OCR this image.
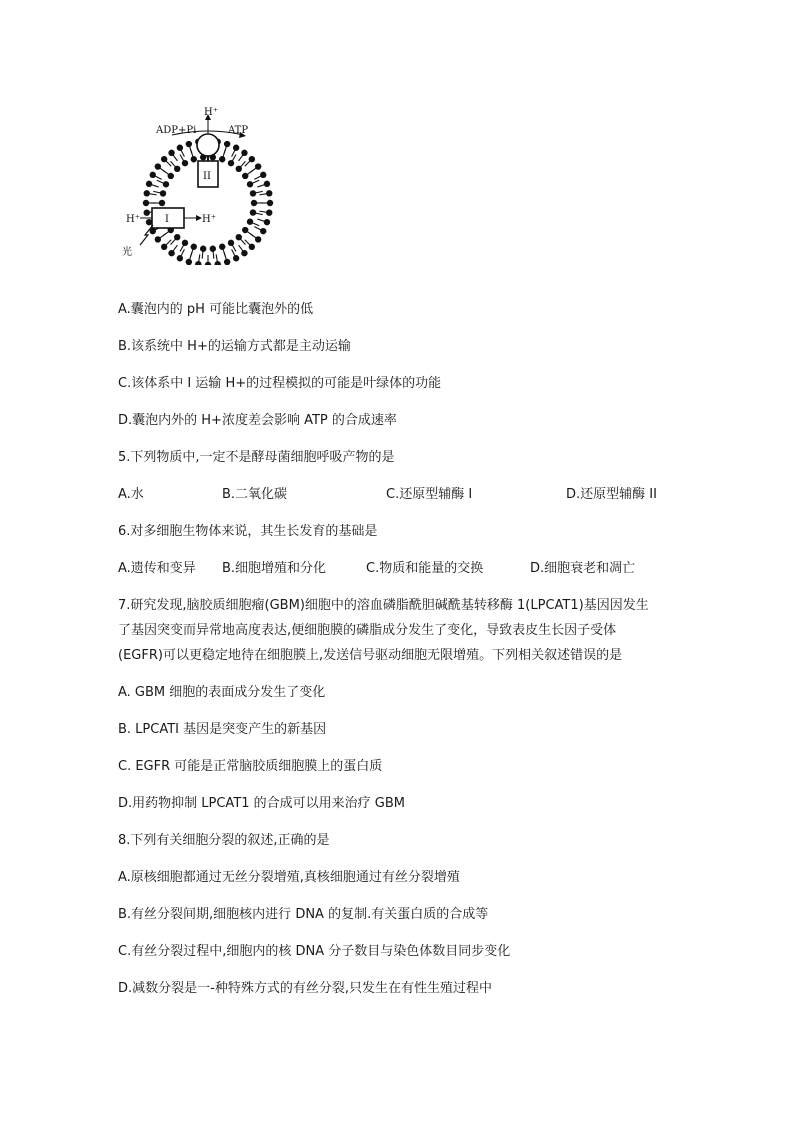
H⁺
ADP+Pi	ATP
II
I
H⁺	H⁺
光
A.囊泡内的 pH 可能比囊泡外的低
B.该系统中 H+的运输方式都是主动运输
C.该体系中 I 运输 H+的过程模拟的可能是叶绿体的功能
D.囊泡内外的 H+浓度差会影响 ATP 的合成速率
5.下列物质中,一定不是酵母菌细胞呼吸产物的是
A.水	B.二氧化碳	C.还原型辅酶 I	D.还原型辅酶 II
6.对多细胞生物体来说，其生长发育的基础是
A.遗传和变异 B.细胞增殖和分化	C.物质和能量的交换	D.细胞衰老和凋亡
7.研究发现,脑胶质细胞瘤(GBM)细胞中的溶血磷脂酰胆碱酰基转移酶 1(LPCAT1)基因因发生
了基因突变而异常地高度表达,便细胞膜的磷脂成分发生了变化，导致表皮生长因子受体
(EGFR)可以更稳定地待在细胞膜上,发送信号驱动细胞无限增殖。下列相关叙述错误的是
A. GBM 细胞的表面成分发生了变化
B. LPCATI 基因是突变产生的新基因
C. EGFR 可能是正常脑胶质细胞膜上的蛋白质
D.用药物抑制 LPCAT1 的合成可以用来治疗 GBM
8.下列有关细胞分裂的叙述,正确的是
A.原核细胞都通过无丝分裂增殖,真核细胞通过有丝分裂增殖
B.有丝分裂间期,细胞核内进行 DNA 的复制.有关蛋白质的合成等
C.有丝分裂过程中,细胞内的核 DNA 分子数目与染色体数目同步变化
D.减数分裂是一-种特殊方式的有丝分裂,只发生在有性生殖过程中
